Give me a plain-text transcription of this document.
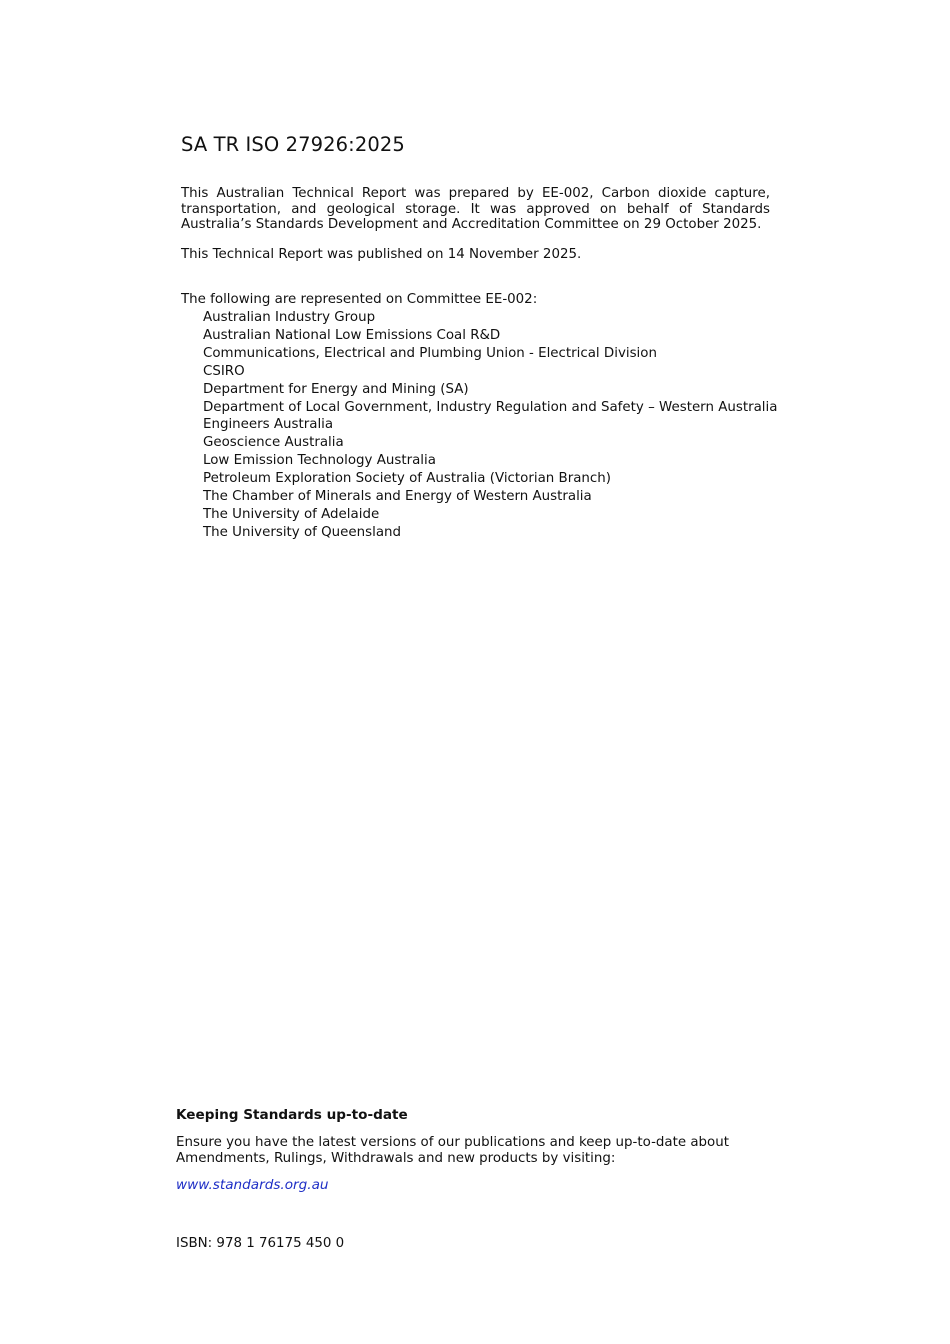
SA TR ISO 27926:2025

This Australian Technical Report was prepared by EE-002, Carbon dioxide capture, transportation, and geological storage. It was approved on behalf of Standards Australia’s Standards Development and Accreditation Committee on 29 October 2025.

This Technical Report was published on 14 November 2025.

The following are represented on Committee EE-002:

Australian Industry Group
Australian National Low Emissions Coal R&D
Communications, Electrical and Plumbing Union - Electrical Division
CSIRO
Department for Energy and Mining (SA)
Department of Local Government, Industry Regulation and Safety – Western Australia
Engineers Australia
Geoscience Australia
Low Emission Technology Australia
Petroleum Exploration Society of Australia (Victorian Branch)
The Chamber of Minerals and Energy of Western Australia
The University of Adelaide
The University of Queensland
Keeping Standards up-to-date

Ensure you have the latest versions of our publications and keep up-to-date about Amendments, Rulings, Withdrawals and new products by visiting:

www.standards.org.au

ISBN: 978 1 76175 450 0
